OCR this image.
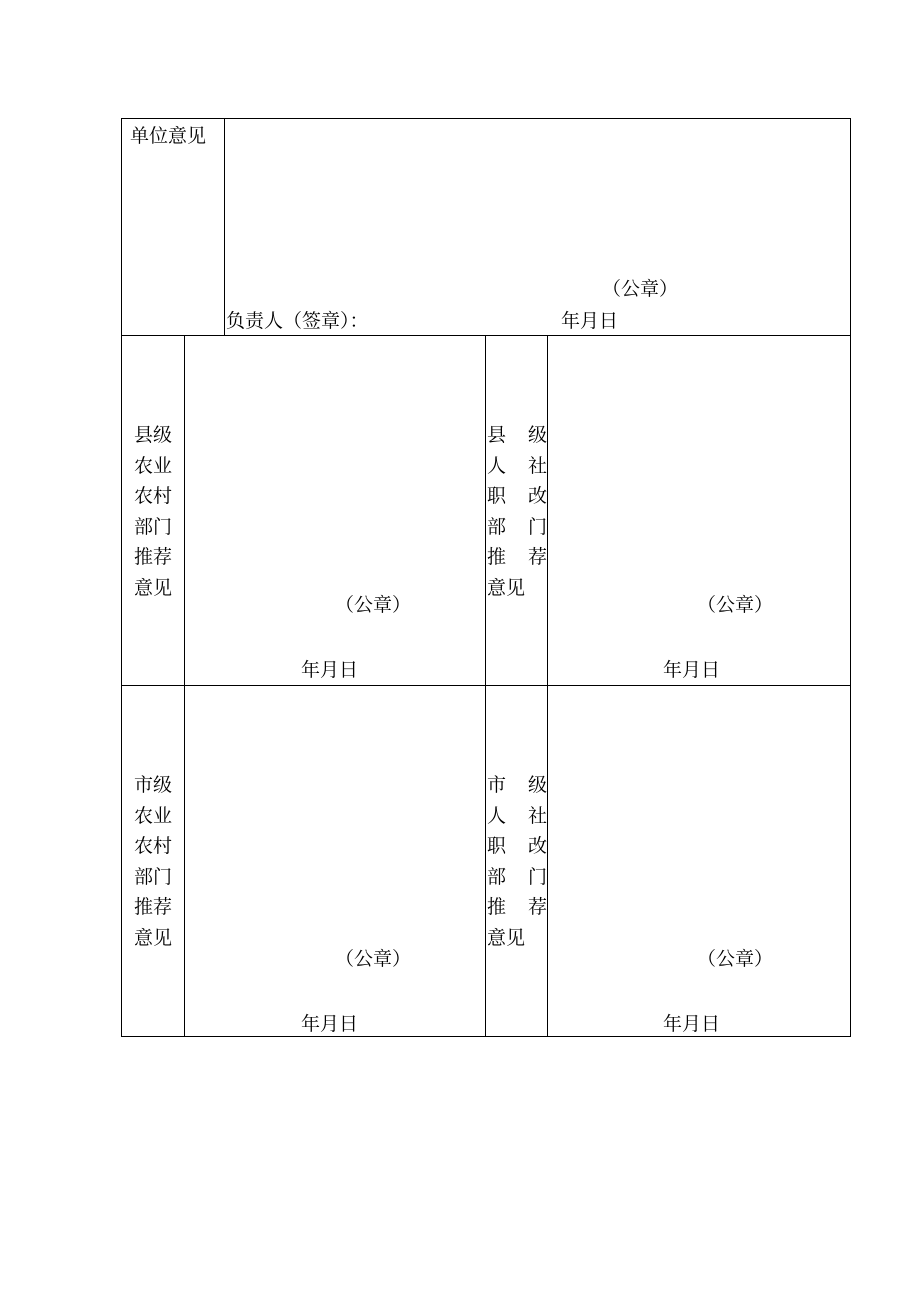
单位意见
（公章）
负责人（签章）：	年月日
县级
农业
农村
部门
推荐
意见
（公章）
年月日
县 级
人 社
职 改
部 门
推 荐
意见
（公章）
年月日
市级
农业
农村
部门
推荐
意见
（公章）
年月日
市 级
人 社
职 改
部 门
推 荐
意见
（公章）
年月日
